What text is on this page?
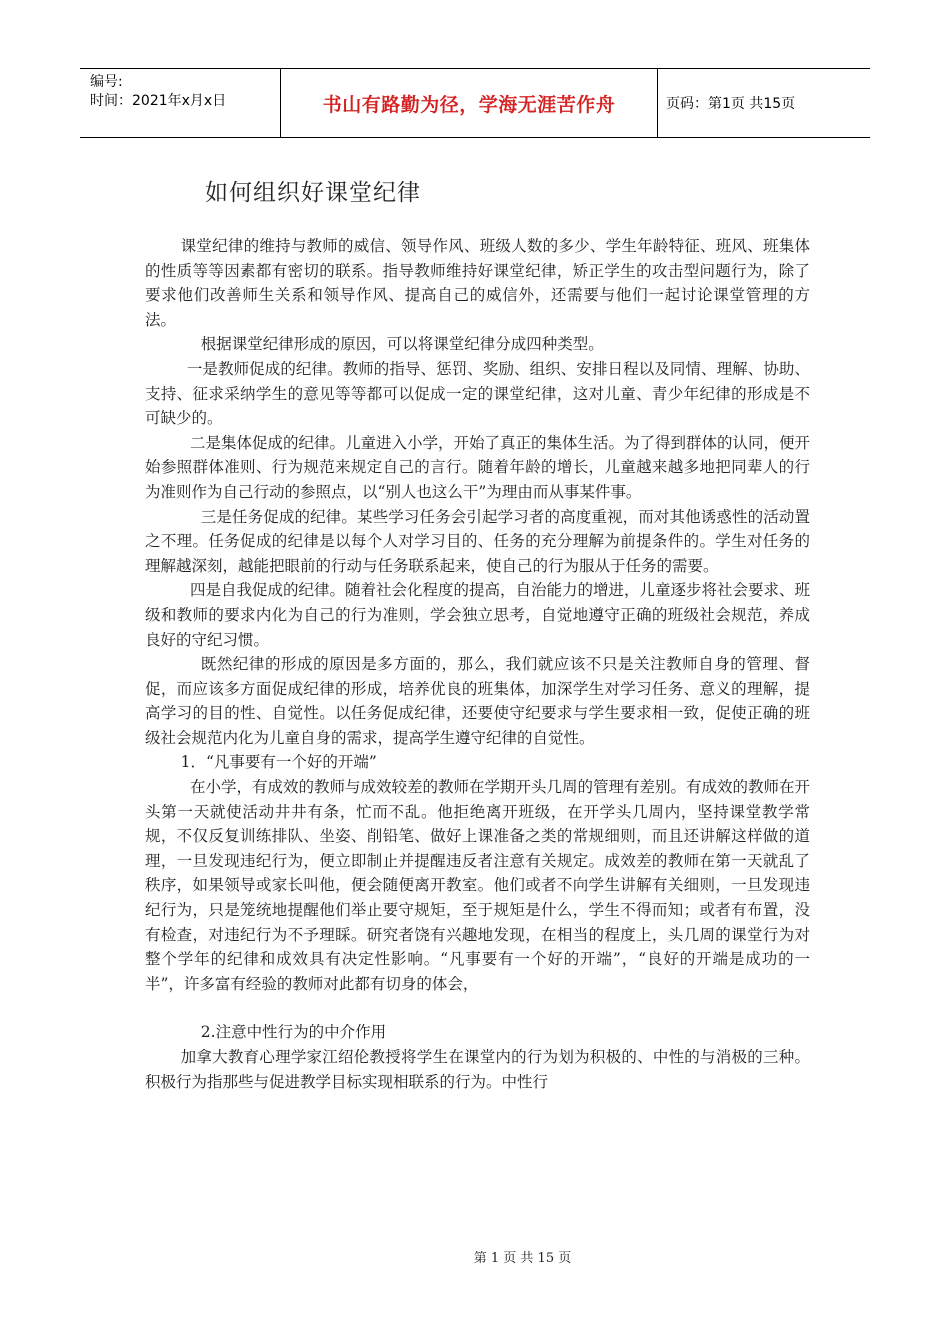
编号:
时间：2021年x月x日	书山有路勤为径，学海无涯苦作舟	页码：第1页 共15页
如何组织好课堂纪律

课堂纪律的维持与教师的威信、领导作风、班级人数的多少、学生年龄特征、班风、班集体的性质等等因素都有密切的联系。指导教师维持好课堂纪律，矫正学生的攻击型问题行为，除了要求他们改善师生关系和领导作风、提高自己的威信外，还需要与他们一起讨论课堂管理的方法。

根据课堂纪律形成的原因，可以将课堂纪律分成四种类型。

一是教师促成的纪律。教师的指导、惩罚、奖励、组织、安排日程以及同情、理解、协助、支持、征求采纳学生的意见等等都可以促成一定的课堂纪律，这对儿童、青少年纪律的形成是不可缺少的。

二是集体促成的纪律。儿童进入小学，开始了真正的集体生活。为了得到群体的认同，便开始参照群体准则、行为规范来规定自己的言行。随着年龄的增长，儿童越来越多地把同辈人的行为准则作为自己行动的参照点，以“别人也这么干”为理由而从事某件事。

三是任务促成的纪律。某些学习任务会引起学习者的高度重视，而对其他诱惑性的活动置之不理。任务促成的纪律是以每个人对学习目的、任务的充分理解为前提条件的。学生对任务的理解越深刻，越能把眼前的行动与任务联系起来，使自己的行为服从于任务的需要。

四是自我促成的纪律。随着社会化程度的提高，自治能力的增进，儿童逐步将社会要求、班级和教师的要求内化为自己的行为准则，学会独立思考，自觉地遵守正确的班级社会规范，养成良好的守纪习惯。

既然纪律的形成的原因是多方面的，那么，我们就应该不只是关注教师自身的管理、督促，而应该多方面促成纪律的形成，培养优良的班集体，加深学生对学习任务、意义的理解，提高学习的目的性、自觉性。以任务促成纪律，还要使守纪要求与学生要求相一致，促使正确的班级社会规范内化为儿童自身的需求，提高学生遵守纪律的自觉性。

1．“凡事要有一个好的开端”

在小学，有成效的教师与成效较差的教师在学期开头几周的管理有差别。有成效的教师在开头第一天就使活动井井有条，忙而不乱。他拒绝离开班级，在开学头几周内，坚持课堂教学常规，不仅反复训练排队、坐姿、削铅笔、做好上课准备之类的常规细则，而且还讲解这样做的道理，一旦发现违纪行为，便立即制止并提醒违反者注意有关规定。成效差的教师在第一天就乱了秩序，如果领导或家长叫他，便会随便离开教室。他们或者不向学生讲解有关细则，一旦发现违纪行为，只是笼统地提醒他们举止要守规矩，至于规矩是什么，学生不得而知；或者有布置，没有检查，对违纪行为不予理睬。研究者饶有兴趣地发现，在相当的程度上，头几周的课堂行为对整个学年的纪律和成效具有决定性影响。“凡事要有一个好的开端”，“良好的开端是成功的一半”，许多富有经验的教师对此都有切身的体会，

2.注意中性行为的中介作用

加拿大教育心理学家江绍伦教授将学生在课堂内的行为划为积极的、中性的与消极的三种。积极行为指那些与促进教学目标实现相联系的行为。中性行

第 1 页 共 15 页
